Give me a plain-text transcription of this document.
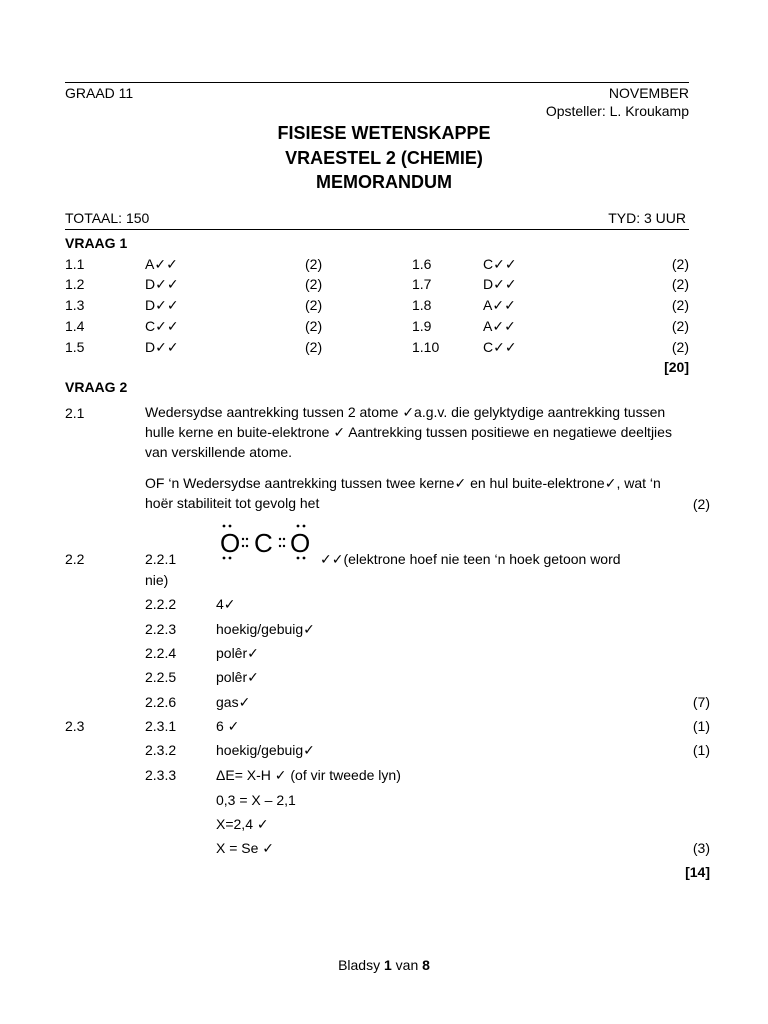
GRAAD 11	NOVEMBER
Opsteller: L. Kroukamp
FISIESE WETENSKAPPE
VRAESTEL 2 (CHEMIE)
MEMORANDUM
TOTAAL: 150	TYD: 3 UUR
VRAAG 1
1.1	A✓✓	(2)	1.6	C✓✓	(2)
1.2	D✓✓	(2)	1.7	D✓✓	(2)
1.3	D✓✓	(2)	1.8	A✓✓	(2)
1.4	C✓✓	(2)	1.9	A✓✓	(2)
1.5	D✓✓	(2)	1.10	C✓✓	(2)
[20]
VRAAG 2
2.1	Wedersydse aantrekking tussen 2 atome ✓a.g.v. die gelyktydige aantrekking tussen hulle kerne en buite-elektrone ✓ Aantrekking tussen positiewe en negatiewe deeltjies van verskillende atome.
OF ‘n Wedersydse aantrekking tussen twee kerne✓ en hul buite-elektrone✓, wat ‘n hoër stabiliteit tot gevolg het	(2)
2.2	2.2.1
O C O
✓✓(elektrone hoef nie teen ‘n hoek getoon word
nie)
2.2.2	4✓
2.2.3	hoekig/gebuig✓
2.2.4	polêr✓
2.2.5	polêr✓
2.2.6	gas✓	(7)
2.3	2.3.1	6 ✓	(1)
2.3.2	hoekig/gebuig✓	(1)
2.3.3	ΔE= X-H ✓ (of vir tweede lyn)
0,3 = X – 2,1
X=2,4 ✓
X = Se ✓	(3)
[14]
Bladsy 1 van 8
